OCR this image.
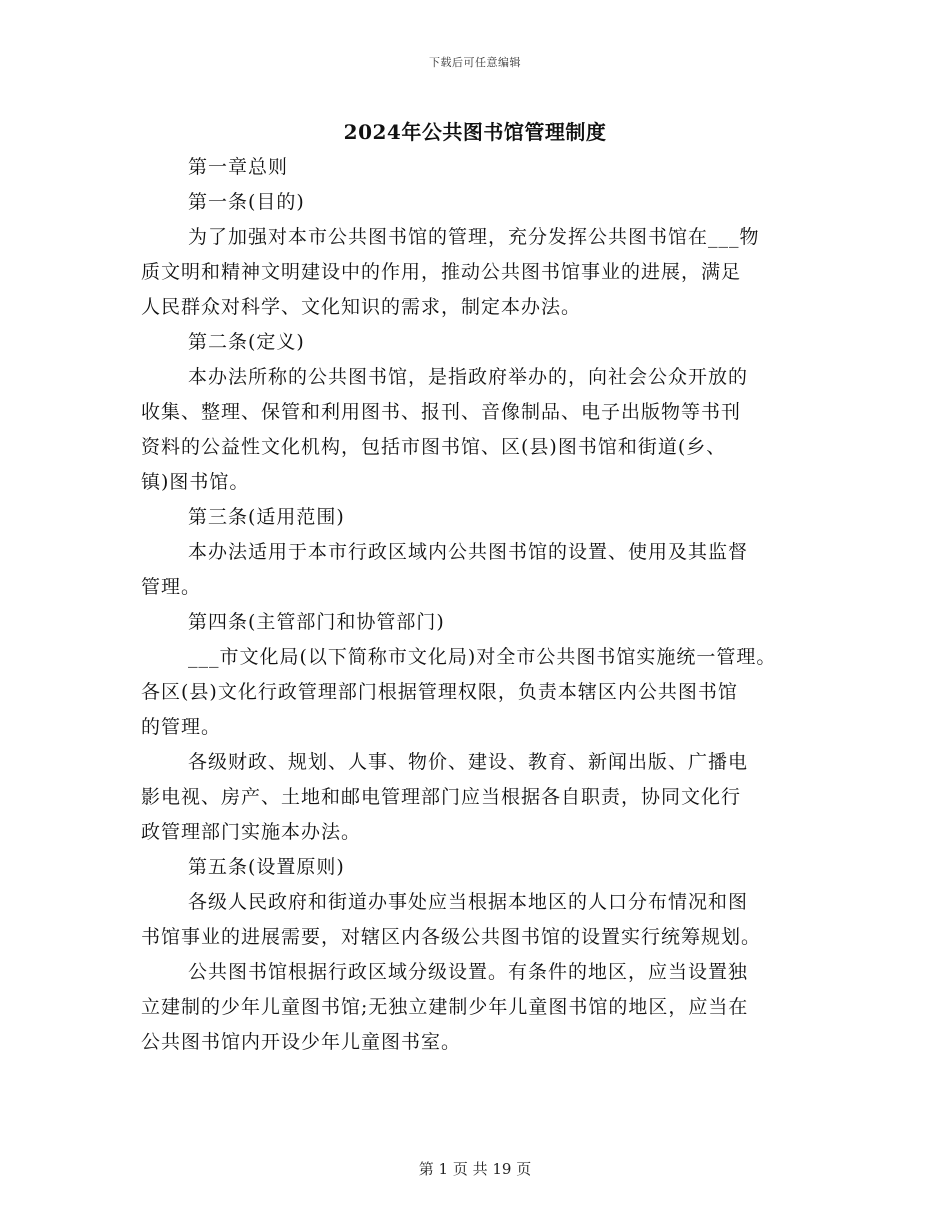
下载后可任意编辑
2024年公共图书馆管理制度
第一章总则
第一条(目的)
为了加强对本市公共图书馆的管理，充分发挥公共图书馆在___物
质文明和精神文明建设中的作用，推动公共图书馆事业的进展，满足
人民群众对科学、文化知识的需求，制定本办法。
第二条(定义)
本办法所称的公共图书馆，是指政府举办的，向社会公众开放的
收集、整理、保管和利用图书、报刊、音像制品、电子出版物等书刊
资料的公益性文化机构，包括市图书馆、区(县)图书馆和街道(乡、
镇)图书馆。
第三条(适用范围)
本办法适用于本市行政区域内公共图书馆的设置、使用及其监督
管理。
第四条(主管部门和协管部门)
___市文化局(以下简称市文化局)对全市公共图书馆实施统一管理。
各区(县)文化行政管理部门根据管理权限，负责本辖区内公共图书馆
的管理。
各级财政、规划、人事、物价、建设、教育、新闻出版、广播电
影电视、房产、土地和邮电管理部门应当根据各自职责，协同文化行
政管理部门实施本办法。
第五条(设置原则)
各级人民政府和街道办事处应当根据本地区的人口分布情况和图
书馆事业的进展需要，对辖区内各级公共图书馆的设置实行统筹规划。
公共图书馆根据行政区域分级设置。有条件的地区，应当设置独
立建制的少年儿童图书馆;无独立建制少年儿童图书馆的地区，应当在
公共图书馆内开设少年儿童图书室。
第 1 页 共 19 页
